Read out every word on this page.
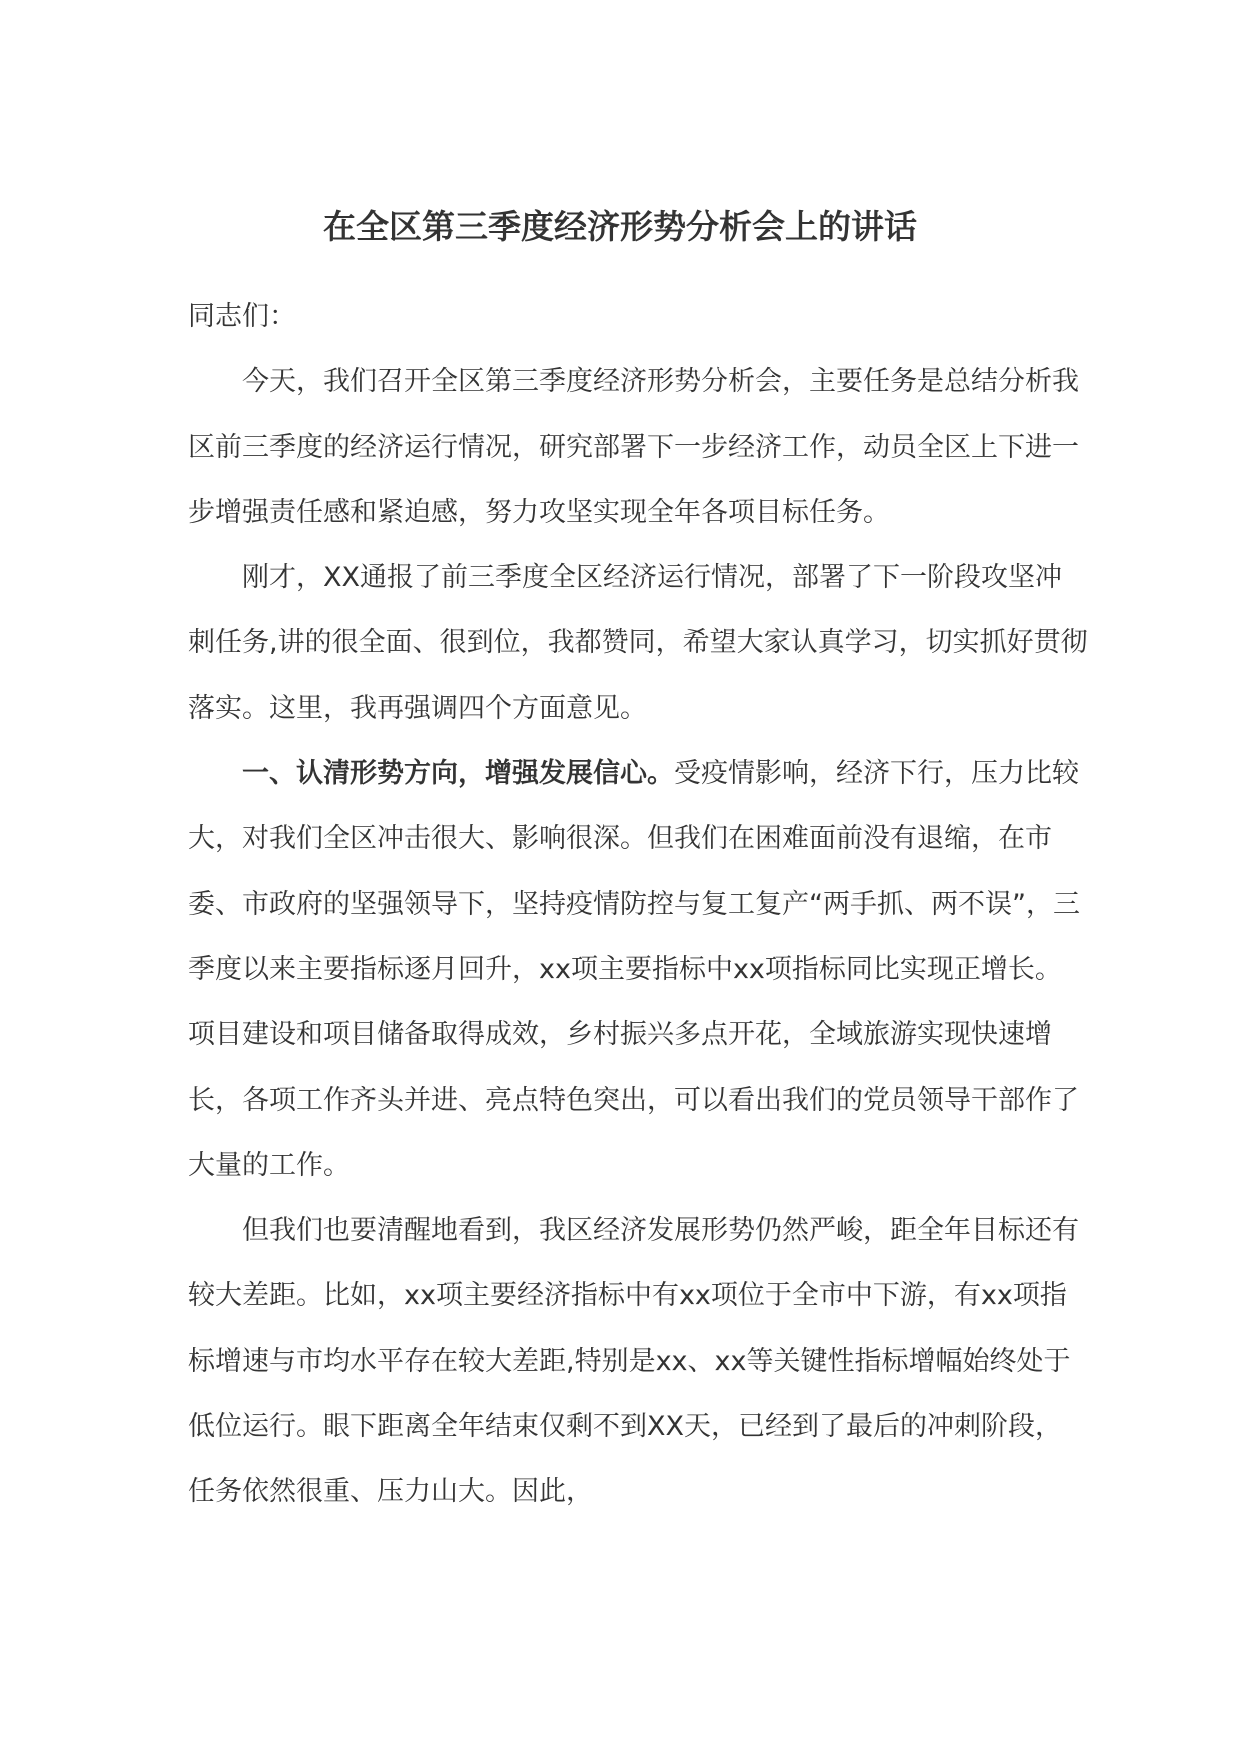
在全区第三季度经济形势分析会上的讲话

同志们：

今天，我们召开全区第三季度经济形势分析会，主要任务是总结分析我区前三季度的经济运行情况，研究部署下一步经济工作，动员全区上下进一步增强责任感和紧迫感，努力攻坚实现全年各项目标任务。

刚才，XX通报了前三季度全区经济运行情况，部署了下一阶段攻坚冲刺任务,讲的很全面、很到位，我都赞同，希望大家认真学习，切实抓好贯彻落实。这里，我再强调四个方面意见。

一、认清形势方向，增强发展信心。受疫情影响，经济下行，压力比较大，对我们全区冲击很大、影响很深。但我们在困难面前没有退缩，在市委、市政府的坚强领导下，坚持疫情防控与复工复产“两手抓、两不误”，三季度以来主要指标逐月回升，xx项主要指标中xx项指标同比实现正增长。项目建设和项目储备取得成效，乡村振兴多点开花，全域旅游实现快速增长，各项工作齐头并进、亮点特色突出，可以看出我们的党员领导干部作了大量的工作。

但我们也要清醒地看到，我区经济发展形势仍然严峻，距全年目标还有较大差距。比如，xx项主要经济指标中有xx项位于全市中下游，有xx项指标增速与市均水平存在较大差距,特别是xx、xx等关键性指标增幅始终处于低位运行。眼下距离全年结束仅剩不到XX天，已经到了最后的冲刺阶段，任务依然很重、压力山大。因此，
